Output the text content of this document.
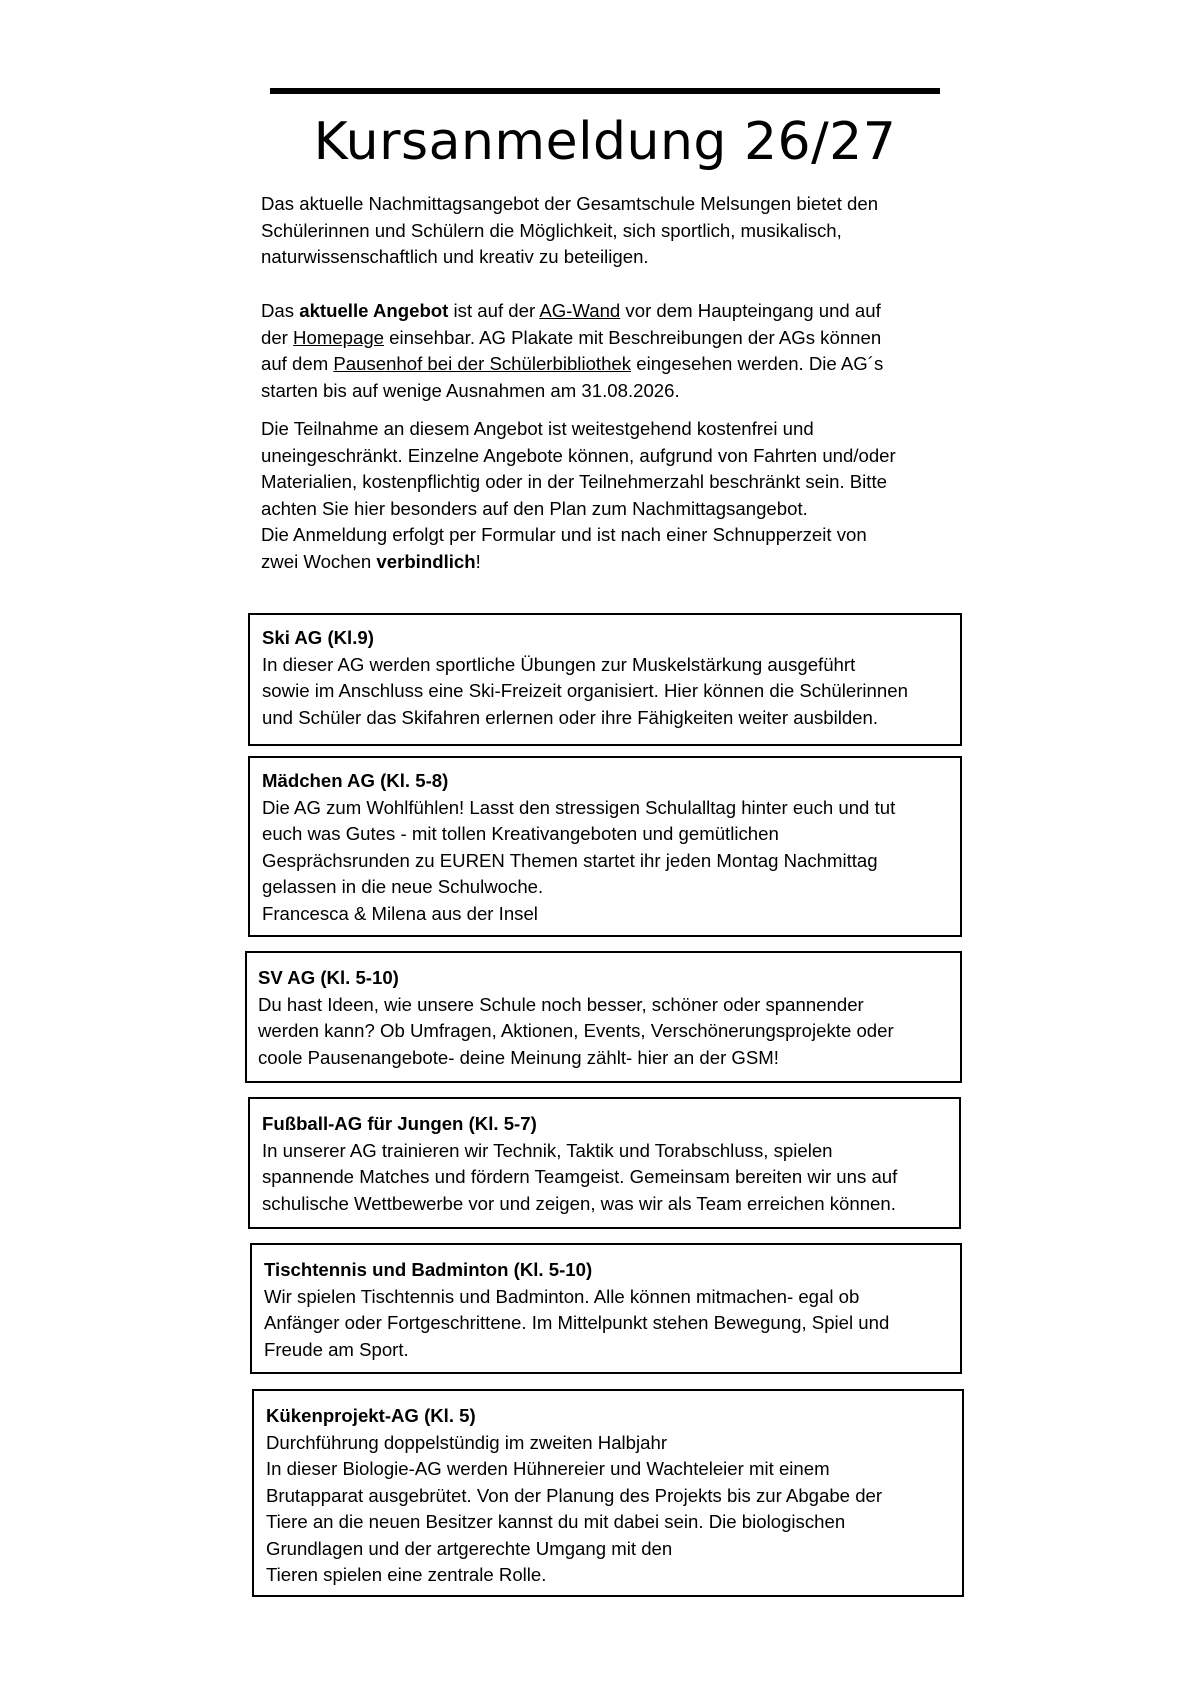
Kursanmeldung 26/27
Das aktuelle Nachmittagsangebot der Gesamtschule Melsungen bietet den
Schülerinnen und Schülern die Möglichkeit, sich sportlich, musikalisch,
naturwissenschaftlich und kreativ zu beteiligen.
Das aktuelle Angebot ist auf der AG-Wand vor dem Haupteingang und auf
der Homepage einsehbar. AG Plakate mit Beschreibungen der AGs können
auf dem Pausenhof bei der Schülerbibliothek eingesehen werden. Die AG´s
starten bis auf wenige Ausnahmen am 31.08.2026.
Die Teilnahme an diesem Angebot ist weitestgehend kostenfrei und
uneingeschränkt. Einzelne Angebote können, aufgrund von Fahrten und/oder
Materialien, kostenpflichtig oder in der Teilnehmerzahl beschränkt sein. Bitte
achten Sie hier besonders auf den Plan zum Nachmittagsangebot.
Die Anmeldung erfolgt per Formular und ist nach einer Schnupperzeit von
zwei Wochen verbindlich!
Ski AG (Kl.9)
In dieser AG werden sportliche Übungen zur Muskelstärkung ausgeführt
sowie im Anschluss eine Ski-Freizeit organisiert. Hier können die Schülerinnen
und Schüler das Skifahren erlernen oder ihre Fähigkeiten weiter ausbilden.
Mädchen AG (Kl. 5-8)
Die AG zum Wohlfühlen! Lasst den stressigen Schulalltag hinter euch und tut
euch was Gutes - mit tollen Kreativangeboten und gemütlichen
Gesprächsrunden zu EUREN Themen startet ihr jeden Montag Nachmittag
gelassen in die neue Schulwoche.
Francesca & Milena aus der Insel
SV AG (Kl. 5-10)
Du hast Ideen, wie unsere Schule noch besser, schöner oder spannender
werden kann? Ob Umfragen, Aktionen, Events, Verschönerungsprojekte oder
coole Pausenangebote- deine Meinung zählt- hier an der GSM!
Fußball-AG für Jungen (Kl. 5-7)
In unserer AG trainieren wir Technik, Taktik und Torabschluss, spielen
spannende Matches und fördern Teamgeist. Gemeinsam bereiten wir uns auf
schulische Wettbewerbe vor und zeigen, was wir als Team erreichen können.
Tischtennis und Badminton (Kl. 5-10)
Wir spielen Tischtennis und Badminton. Alle können mitmachen- egal ob
Anfänger oder Fortgeschrittene. Im Mittelpunkt stehen Bewegung, Spiel und
Freude am Sport.
Kükenprojekt-AG (Kl. 5)
Durchführung doppelstündig im zweiten Halbjahr
In dieser Biologie-AG werden Hühnereier und Wachteleier mit einem
Brutapparat ausgebrütet. Von der Planung des Projekts bis zur Abgabe der
Tiere an die neuen Besitzer kannst du mit dabei sein. Die biologischen
Grundlagen und der artgerechte Umgang mit den
Tieren spielen eine zentrale Rolle.
